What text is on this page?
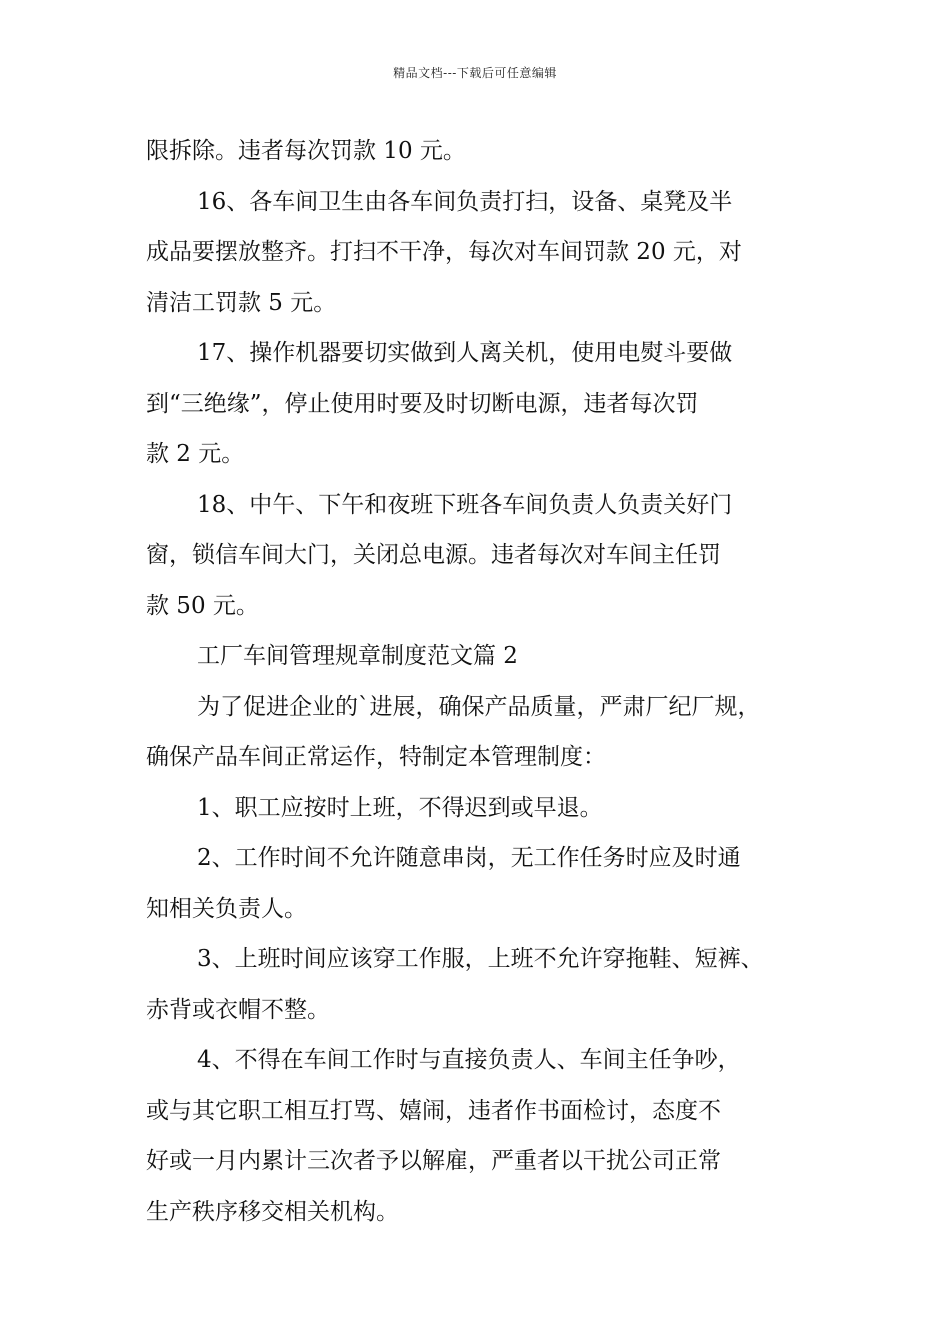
精品文档---下载后可任意编辑
限拆除。违者每次罚款 10 元。
16、各车间卫生由各车间负责打扫，设备、桌凳及半
成品要摆放整齐。打扫不干净，每次对车间罚款 20 元，对
清洁工罚款 5 元。
17、操作机器要切实做到人离关机，使用电熨斗要做
到“三绝缘”，停止使用时要及时切断电源，违者每次罚
款 2 元。
18、中午、下午和夜班下班各车间负责人负责关好门
窗，锁信车间大门，关闭总电源。违者每次对车间主任罚
款 50 元。
工厂车间管理规章制度范文篇 2
为了促进企业的`进展，确保产品质量，严肃厂纪厂规，
确保产品车间正常运作，特制定本管理制度：
1、职工应按时上班，不得迟到或早退。
2、工作时间不允许随意串岗，无工作任务时应及时通
知相关负责人。
3、上班时间应该穿工作服，上班不允许穿拖鞋、短裤、
赤背或衣帽不整。
4、不得在车间工作时与直接负责人、车间主任争吵，
或与其它职工相互打骂、嬉闹，违者作书面检讨，态度不
好或一月内累计三次者予以解雇，严重者以干扰公司正常
生产秩序移交相关机构。
